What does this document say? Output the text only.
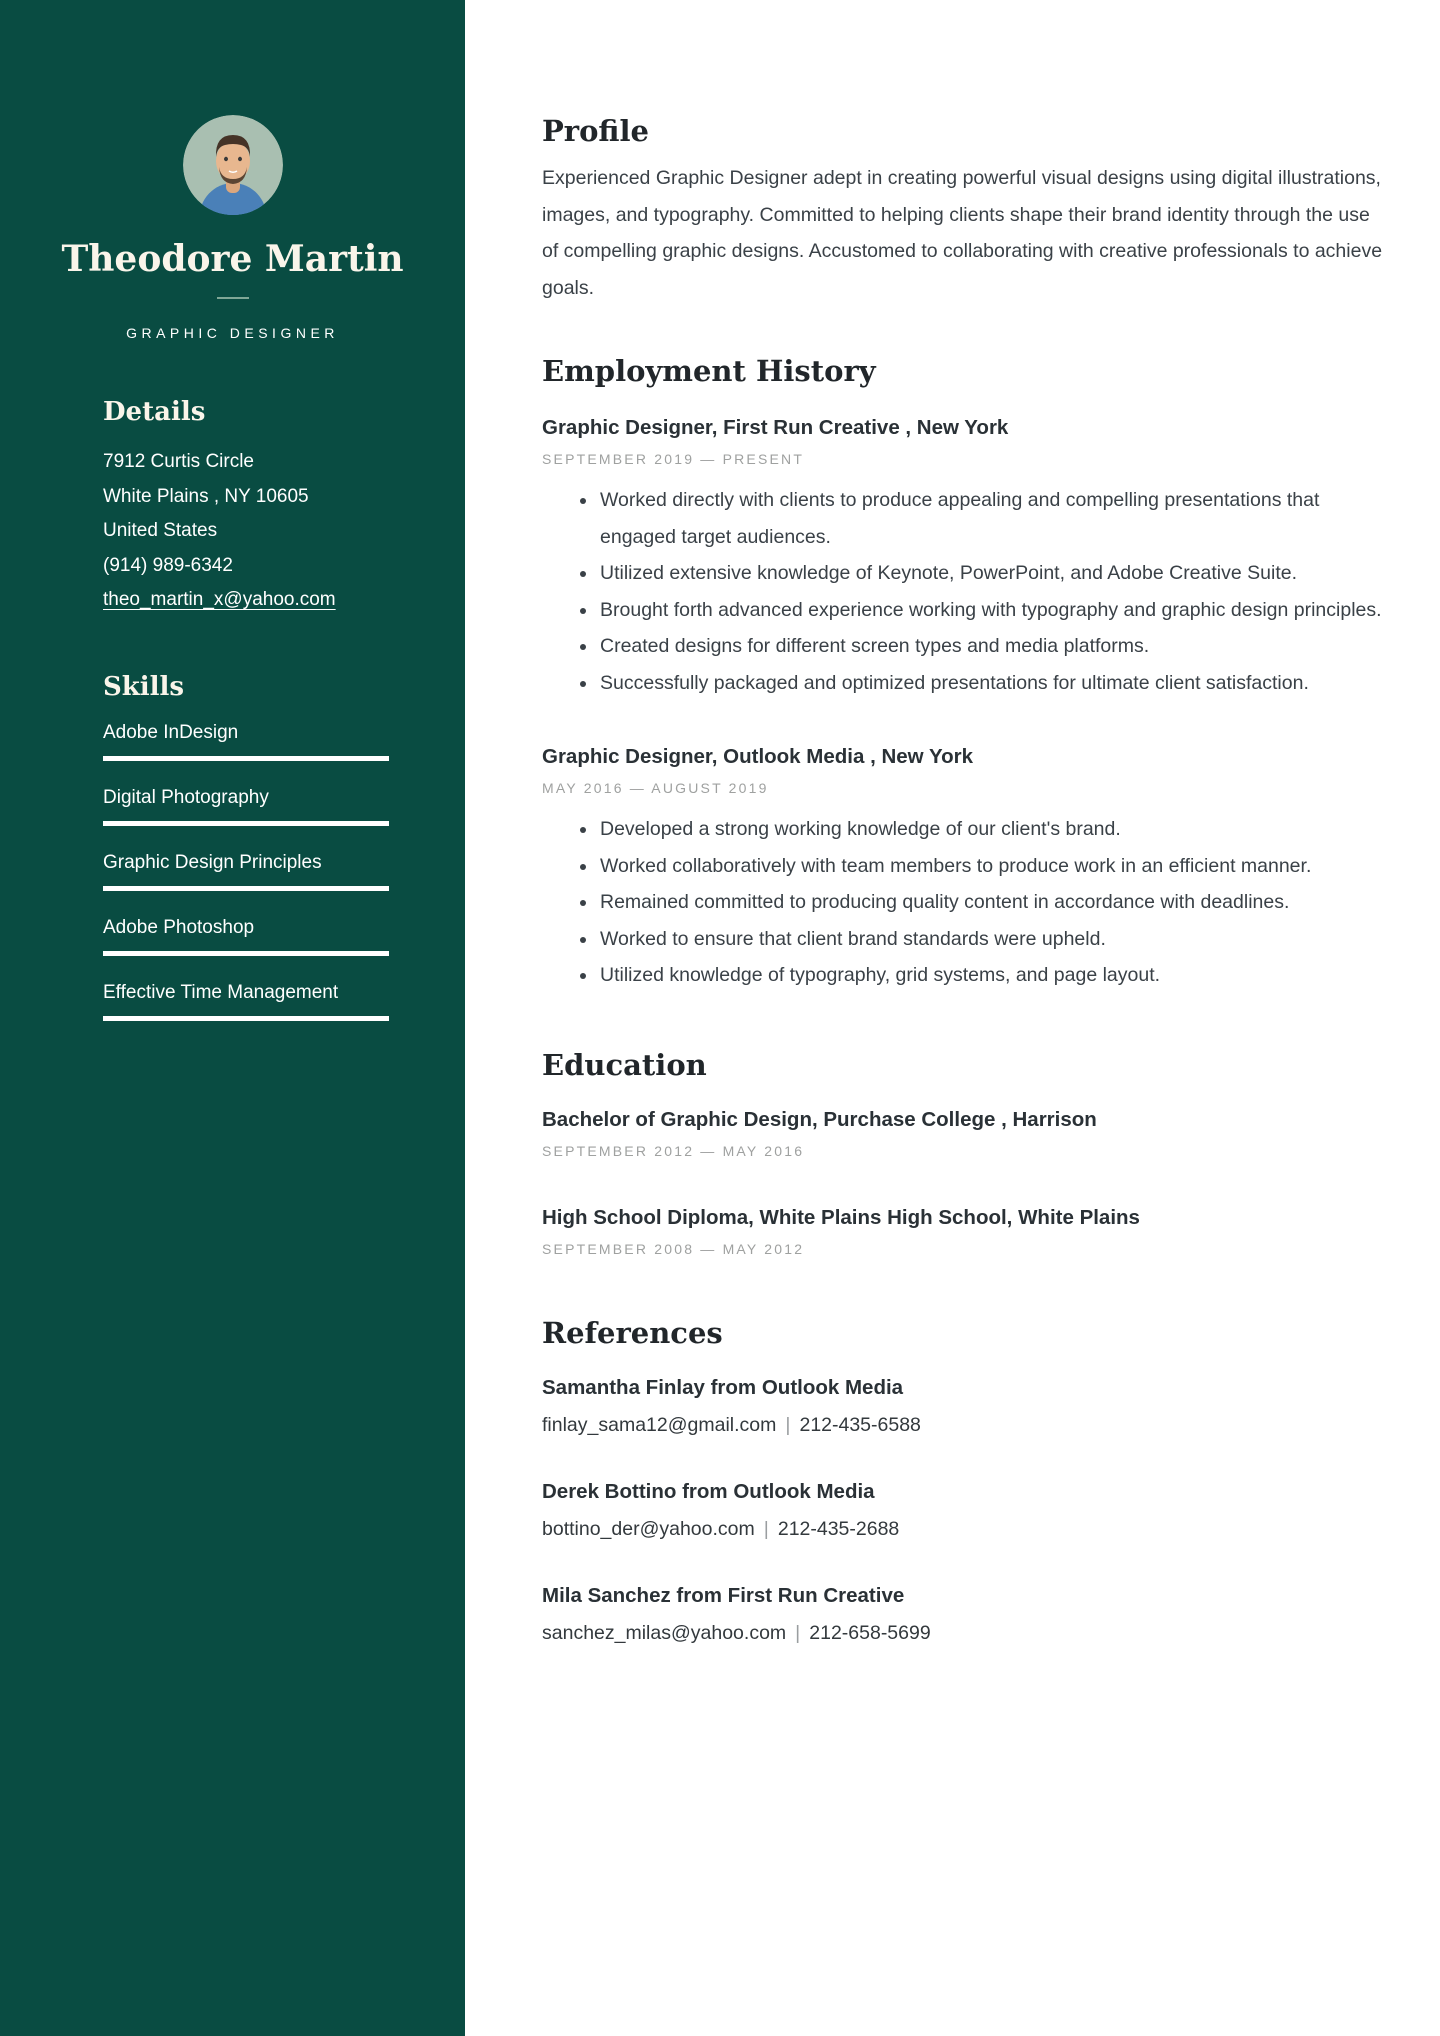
Theodore Martin
GRAPHIC DESIGNER
Details
7912 Curtis Circle
White Plains , NY 10605
United States
(914) 989-6342
theo_martin_x@yahoo.com
Skills
Adobe InDesign
Digital Photography
Graphic Design Principles
Adobe Photoshop
Effective Time Management
Profile

Experienced Graphic Designer adept in creating powerful visual designs using digital illustrations, images, and typography. Committed to helping clients shape their brand identity through the use of compelling graphic designs. Accustomed to collaborating with creative professionals to achieve goals.

Employment History
Graphic Designer, First Run Creative , New York
SEPTEMBER 2019 — PRESENT
• Worked directly with clients to produce appealing and compelling presentations that engaged target audiences.
• Utilized extensive knowledge of Keynote, PowerPoint, and Adobe Creative Suite.
• Brought forth advanced experience working with typography and graphic design principles.
• Created designs for different screen types and media platforms.
• Successfully packaged and optimized presentations for ultimate client satisfaction.
Graphic Designer, Outlook Media , New York
MAY 2016 — AUGUST 2019
• Developed a strong working knowledge of our client's brand.
• Worked collaboratively with team members to produce work in an efficient manner.
• Remained committed to producing quality content in accordance with deadlines.
• Worked to ensure that client brand standards were upheld.
• Utilized knowledge of typography, grid systems, and page layout.
Education
Bachelor of Graphic Design, Purchase College , Harrison
SEPTEMBER 2012 — MAY 2016
High School Diploma, White Plains High School, White Plains
SEPTEMBER 2008 — MAY 2012
References
Samantha Finlay from Outlook Media
finlay_sama12@gmail.com | 212-435-6588
Derek Bottino from Outlook Media
bottino_der@yahoo.com | 212-435-2688
Mila Sanchez from First Run Creative
sanchez_milas@yahoo.com | 212-658-5699
